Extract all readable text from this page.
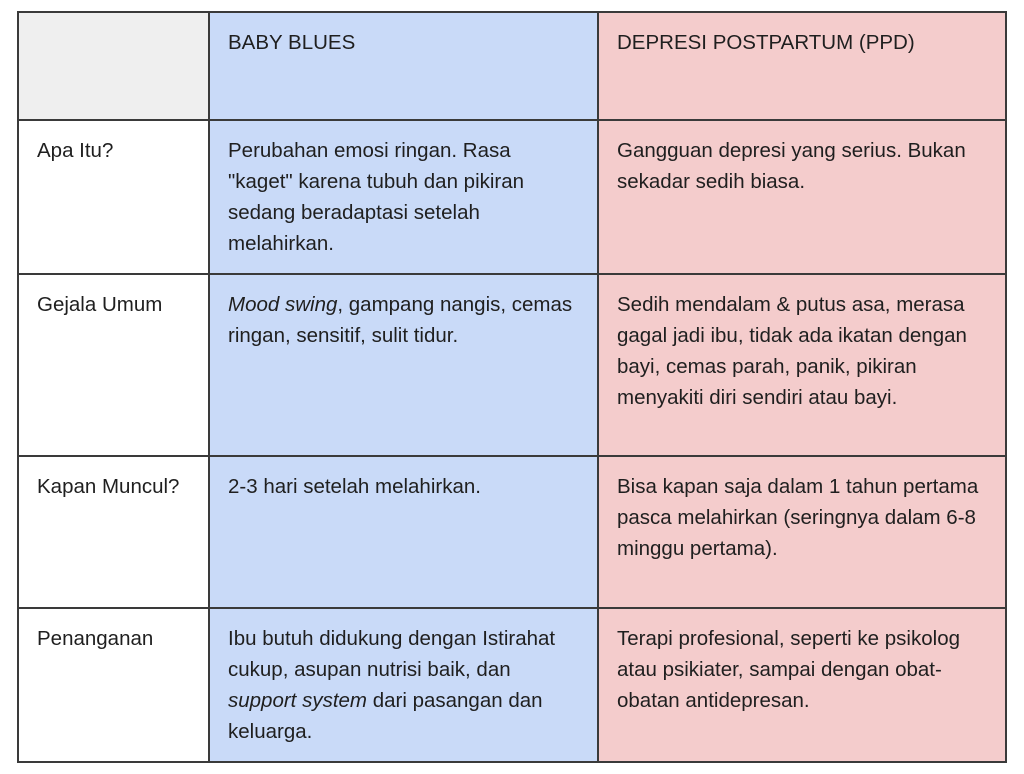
	BABY BLUES	DEPRESI POSTPARTUM (PPD)
Apa Itu?	Perubahan emosi ringan. Rasa "kaget" karena tubuh dan pikiran sedang beradaptasi setelah melahirkan.	Gangguan depresi yang serius. Bukan sekadar sedih biasa.
Gejala Umum	Mood swing, gampang nangis, cemas ringan, sensitif, sulit tidur.	Sedih mendalam & putus asa, merasa gagal jadi ibu, tidak ada ikatan dengan bayi, cemas parah, panik, pikiran menyakiti diri sendiri atau bayi.
Kapan Muncul?	2-3 hari setelah melahirkan.	Bisa kapan saja dalam 1 tahun pertama pasca melahirkan (seringnya dalam 6-8 minggu pertama).
Penanganan	Ibu butuh didukung dengan Istirahat cukup, asupan nutrisi baik, dan support system dari pasangan dan keluarga.	Terapi profesional, seperti ke psikolog atau psikiater, sampai dengan obat-obatan antidepresan.
